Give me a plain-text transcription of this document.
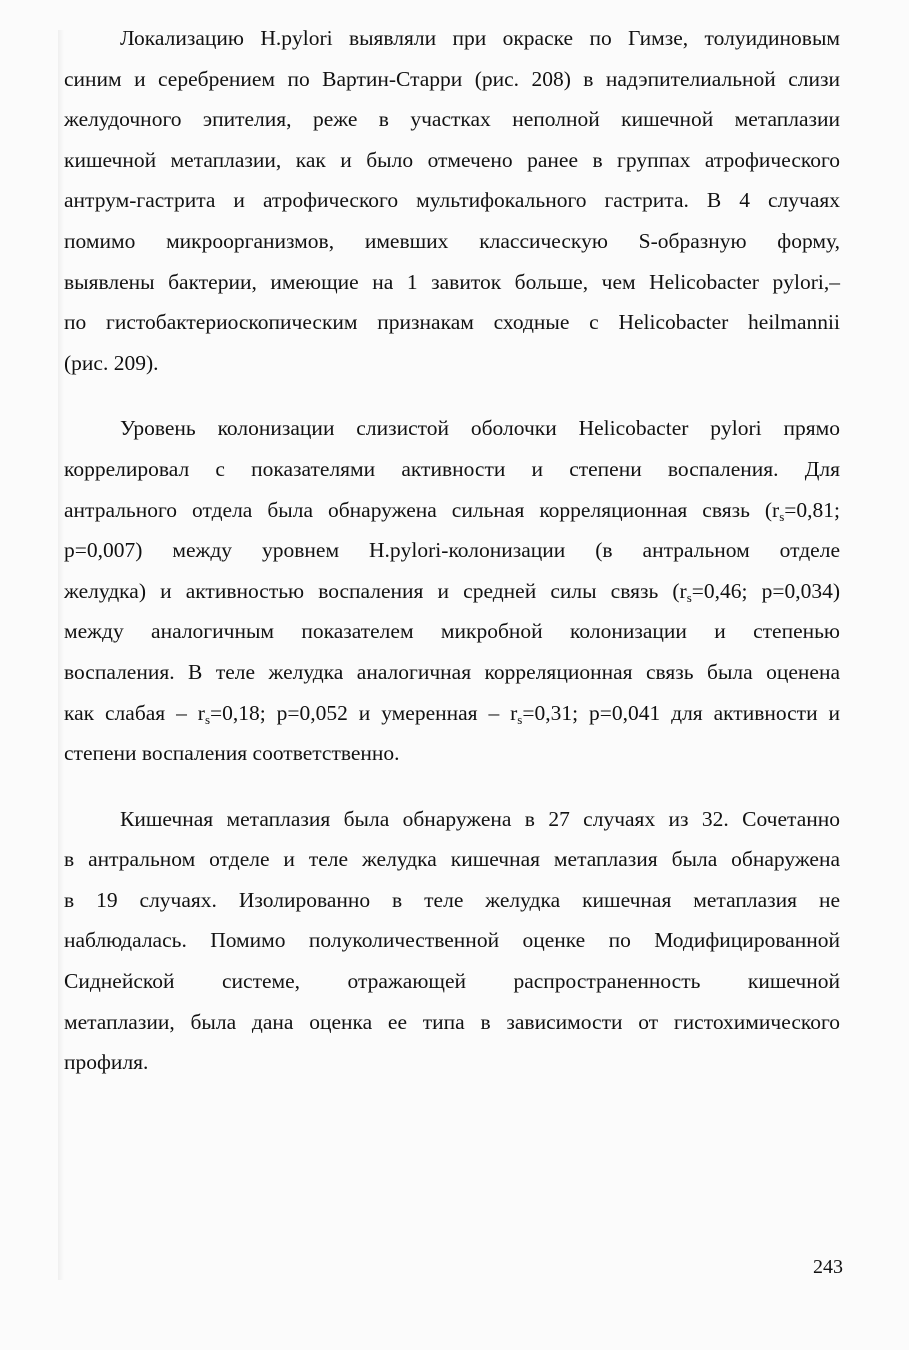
Локализацию H.pylori выявляли при окраске по Гимзе, толуидиновым
синим и серебрением по Вартин-Старри (рис. 208) в надэпителиальной слизи
желудочного эпителия, реже в участках неполной кишечной метаплазии
кишечной метаплазии, как и было отмечено ранее в группах атрофического
антрум-гастрита и атрофического мультифокального гастрита. В 4 случаях
помимо микроорганизмов, имевших классическую S-образную форму,
выявлены бактерии, имеющие на 1 завиток больше, чем Helicobacter pylori,–
по гистобактериоскопическим признакам сходные с Helicobacter heilmannii
(рис. 209).
Уровень колонизации слизистой оболочки Helicobacter pylori прямо
коррелировал с показателями активности и степени воспаления. Для
антрального отдела была обнаружена сильная корреляционная связь ($r_s=0,81$;
р=0,007) между уровнем H.pylori-колонизации (в антральном отделе
желудка) и активностью воспаления и средней силы связь ($r_s=0,46$; p=0,034)
между аналогичным показателем микробной колонизации и степенью
воспаления. В теле желудка аналогичная корреляционная связь была оценена
как слабая – $r_s=0,18$; p=0,052 и умеренная – $r_s=0,31$; p=0,041 для активности и
степени воспаления соответственно.
Кишечная метаплазия была обнаружена в 27 случаях из 32. Сочетанно
в антральном отделе и теле желудка кишечная метаплазия была обнаружена
в 19 случаях. Изолированно в теле желудка кишечная метаплазия не
наблюдалась. Помимо полуколичественной оценке по Модифицированной
Сиднейской системе, отражающей распространенность кишечной
метаплазии, была дана оценка ее типа в зависимости от гистохимического
профиля.
243
